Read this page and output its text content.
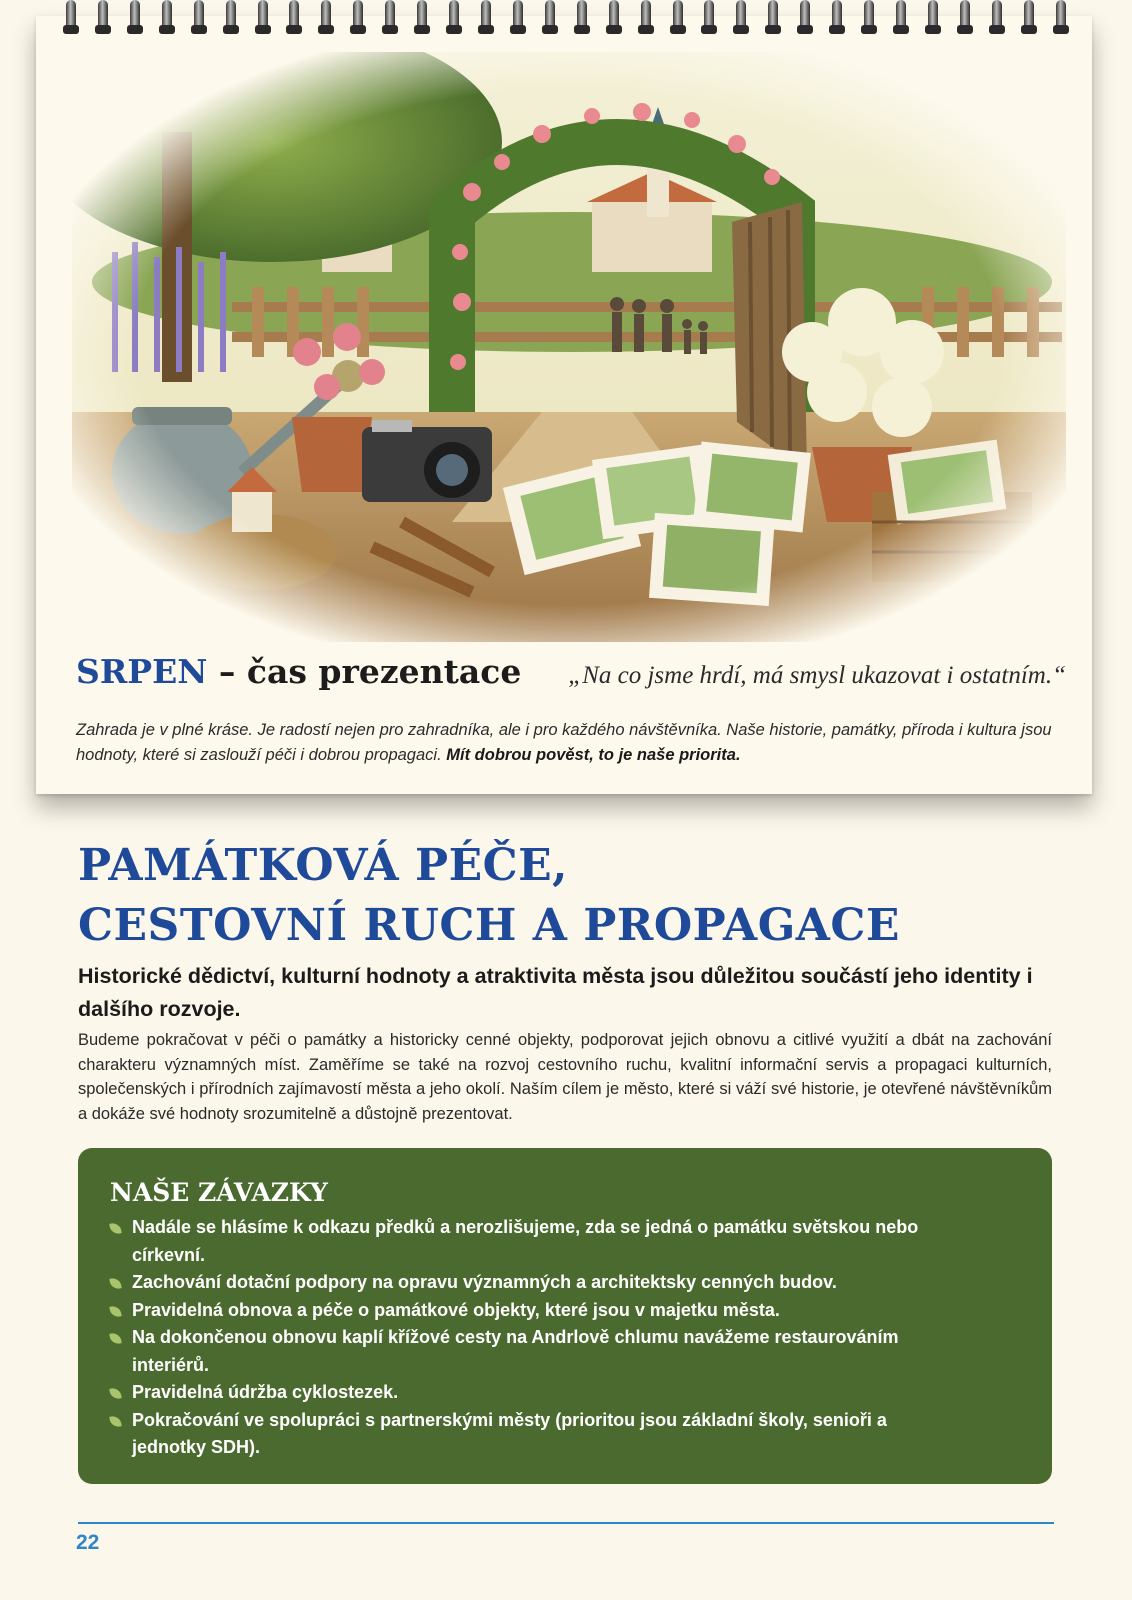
SRPEN – čas prezentace „Na co jsme hrdí, má smysl ukazovat i ostatním.“

Zahrada je v plné kráse. Je radostí nejen pro zahradníka, ale i pro každého návštěvníka. Naše historie, památky, příroda i kultura jsou hodnoty, které si zaslouží péči i dobrou propagaci. Mít dobrou pověst, to je naše priorita.

PAMÁTKOVÁ PÉČE,
CESTOVNÍ RUCH A PROPAGACE

Historické dědictví, kulturní hodnoty a atraktivita města jsou důležitou součástí jeho identity i dalšího rozvoje.

Budeme pokračovat v péči o památky a historicky cenné objekty, podporovat jejich obnovu a citlivé využití a dbát na zachování charakteru významných míst. Zaměříme se také na rozvoj cestovního ruchu, kvalitní informační servis a propagaci kulturních, společenských i přírodních zajímavostí města a jeho okolí. Naším cílem je město, které si váží své historie, je otevřené návštěvníkům a dokáže své hodnoty srozumitelně a důstojně prezentovat.

NAŠE ZÁVAZKY
Nadále se hlásíme k odkazu předků a nerozlišujeme, zda se jedná o památku světskou nebo církevní.
Zachování dotační podpory na opravu významných a architektsky cenných budov.
Pravidelná obnova a péče o památkové objekty, které jsou v majetku města.
Na dokončenou obnovu kaplí křížové cesty na Andrlově chlumu navážeme restaurováním interiérů.
Pravidelná údržba cyklostezek.
Pokračování ve spolupráci s partnerskými městy (prioritou jsou základní školy, senioři a jednotky SDH).
22
